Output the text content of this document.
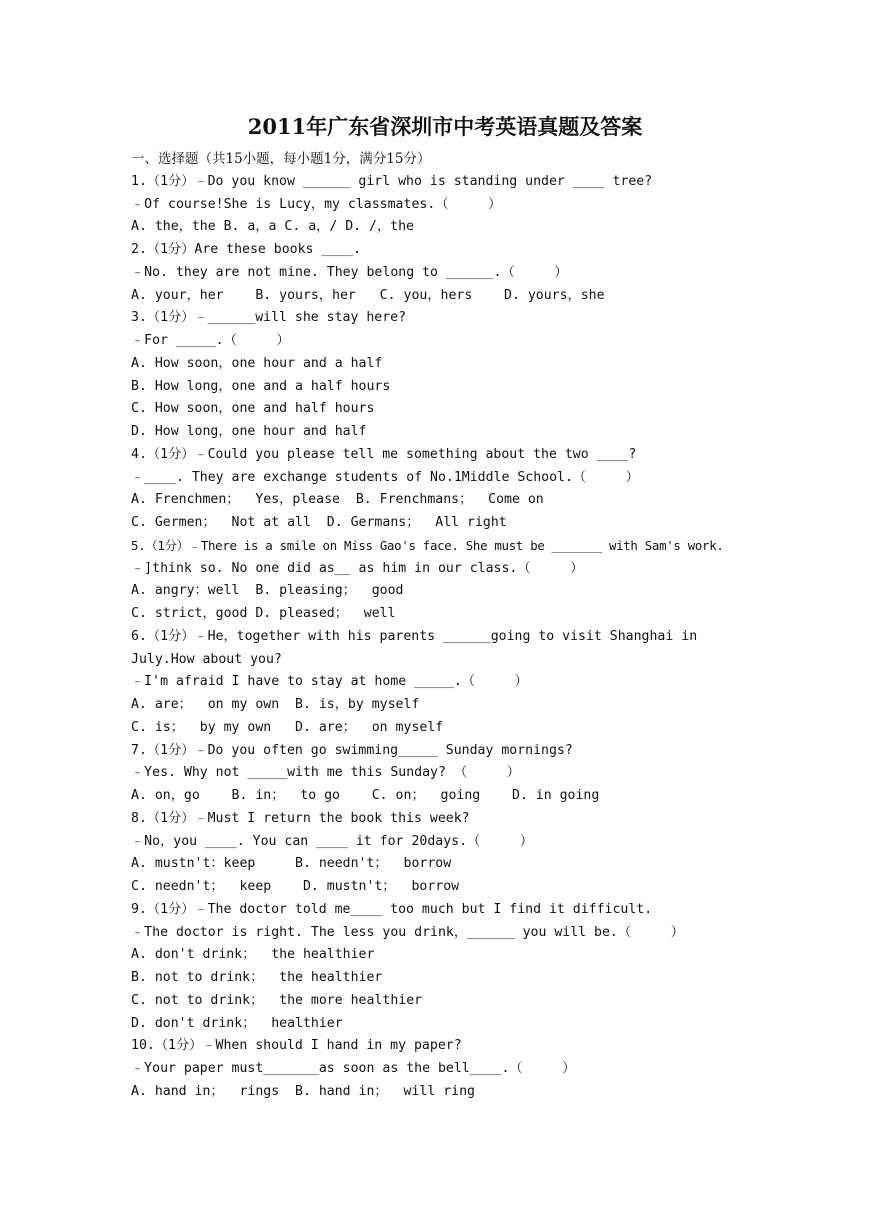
2011年广东省深圳市中考英语真题及答案
一、选择题（共15小题，每小题1分，满分15分）
1.（1分）﹣Do you know ______ girl who is standing under ____ tree?
﹣Of course!She is Lucy，my classmates.（     ）
A. the，the B. a，a C. a，/ D. /，the
2.（1分）Are these books ____.
﹣No. they are not mine. They belong to ______.（     ）
A. your，her    B. yours，her   C. you，hers    D. yours，she
3.（1分）﹣______will she stay here?
﹣For _____.（     ）
A. How soon，one hour and a half
B. How long，one and a half hours
C. How soon，one and half hours
D. How long，one hour and half
4.（1分）﹣Could you please tell me something about the two ____?
﹣____. They are exchange students of No.1Middle School.（     ）
A. Frenchmen；  Yes，please  B. Frenchmans；  Come on
C. Germen；  Not at all  D. Germans；  All right
5.（1分）﹣There is a smile on Miss Gao's face. She must be _______ with Sam's work.
﹣]think so. No one did as__ as him in our class.（     ）
A. angry：well  B. pleasing；  good
C. strict，good D. pleased；  well
6.（1分）﹣He，together with his parents ______going to visit Shanghai in July.How about you?
﹣I'm afraid I have to stay at home _____.（     ）
A. are；  on my own  B. is，by myself
C. is；  by my own   D. are；  on myself
7.（1分）﹣Do you often go swimming_____ Sunday mornings?
﹣Yes. Why not _____with me this Sunday? （     ）
A. on，go    B. in；  to go    C. on；  going    D. in going
8.（1分）﹣Must I return the book this week?
﹣No，you ____. You can ____ it for 20days.（     ）
A. mustn't：keep     B. needn't；  borrow
C. needn't；  keep    D. mustn't；  borrow
9.（1分）﹣The doctor told me____ too much but I find it difficult.
﹣The doctor is right. The less you drink，______ you will be.（     ）
A. don't drink；  the healthier
B. not to drink；  the healthier
C. not to drink；  the more healthier
D. don't drink；  healthier
10.（1分）﹣When should I hand in my paper?
﹣Your paper must_______as soon as the bell____.（     ）
A. hand in；  rings  B. hand in；  will ring
